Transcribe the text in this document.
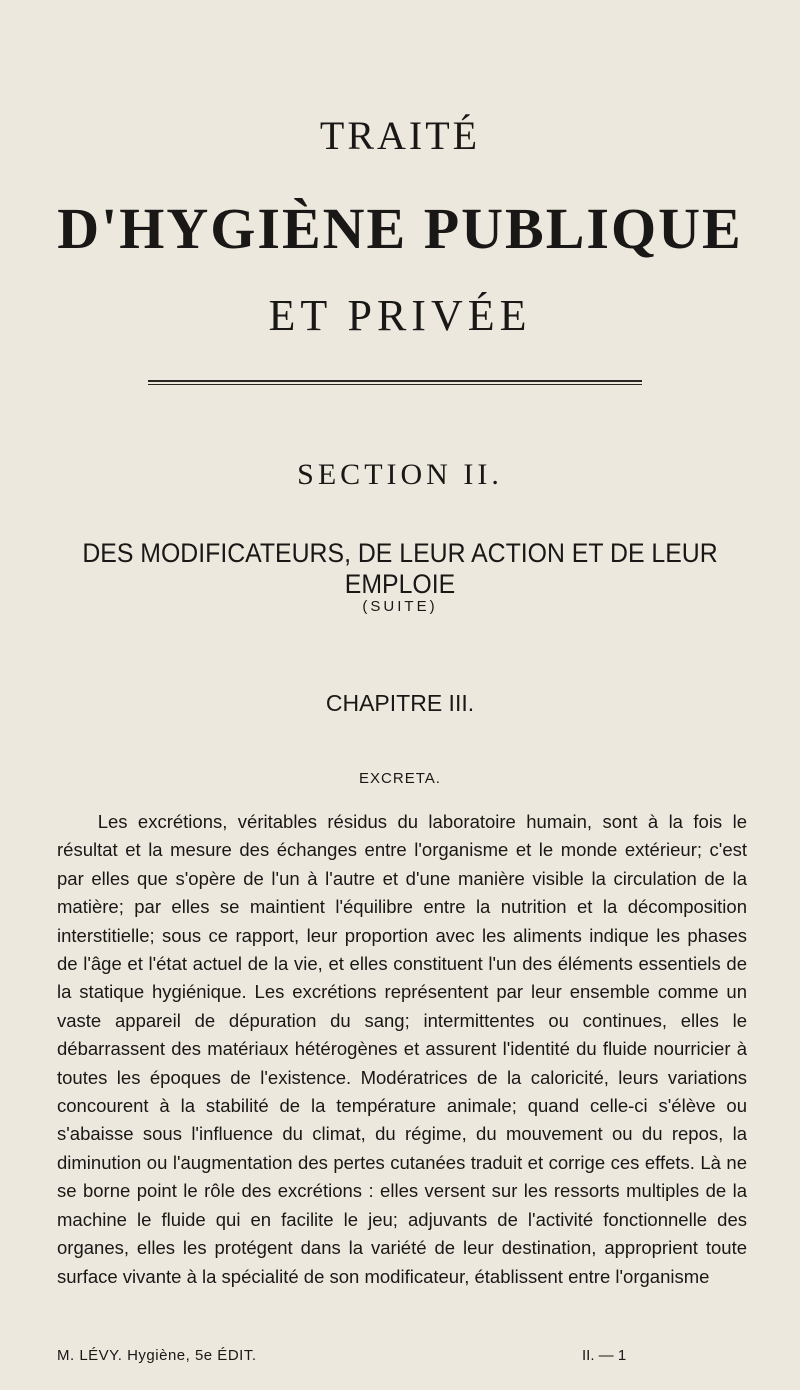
TRAITÉ
D'HYGIÈNE PUBLIQUE
ET PRIVÉE
SECTION II.
DES MODIFICATEURS, DE LEUR ACTION ET DE LEUR EMPLOIE
(SUITE)
CHAPITRE III.
EXCRETA.
Les excrétions, véritables résidus du laboratoire humain, sont à la fois le résultat et la mesure des échanges entre l'organisme et le monde extérieur; c'est par elles que s'opère de l'un à l'autre et d'une manière visible la circulation de la matière; par elles se maintient l'équilibre entre la nutrition et la décomposition interstitielle; sous ce rapport, leur proportion avec les aliments indique les phases de l'âge et l'état actuel de la vie, et elles constituent l'un des éléments essentiels de la statique hygiénique. Les excrétions représentent par leur ensemble comme un vaste appareil de dépuration du sang; intermittentes ou continues, elles le débarrassent des matériaux hétérogènes et assurent l'identité du fluide nourricier à toutes les époques de l'existence. Modératrices de la caloricité, leurs variations concourent à la stabilité de la température animale; quand celle-ci s'élève ou s'abaisse sous l'influence du climat, du régime, du mouvement ou du repos, la diminution ou l'augmentation des pertes cutanées traduit et corrige ces effets. Là ne se borne point le rôle des excrétions : elles versent sur les ressorts multiples de la machine le fluide qui en facilite le jeu; adjuvants de l'activité fonctionnelle des organes, elles les protégent dans la variété de leur destination, approprient toute surface vivante à la spécialité de son modificateur, établissent entre l'organisme
M. LÉVY. Hygiène, 5e ÉDIT.	II. — 1
